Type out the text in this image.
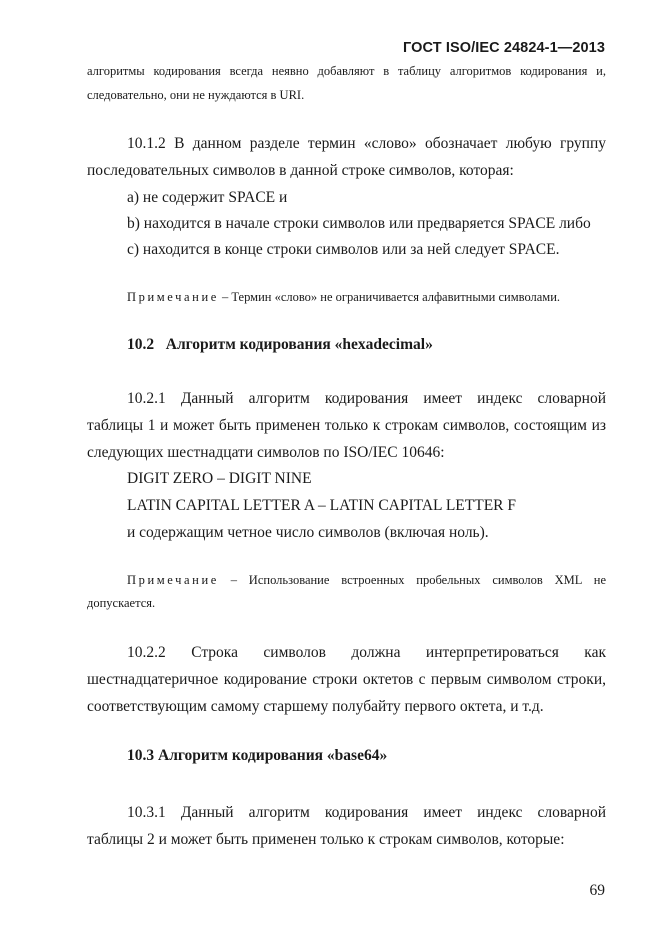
ГОСТ ISO/IEC 24824-1—2013

алгоритмы кодирования всегда неявно добавляют в таблицу алгоритмов кодирования и,

следовательно, они не нуждаются в URI.

10.1.2 В данном разделе термин «слово» обозначает любую группу

последовательных символов в данной строке символов, которая:

a) не содержит SPACE и

b) находится в начале строки символов или предваряется SPACE либо

c) находится в конце строки символов или за ней следует SPACE.

Примечание – Термин «слово» не ограничивается алфавитными символами.

10.2   Алгоритм кодирования «hexadecimal»

10.2.1 Данный алгоритм кодирования имеет индекс словарной

таблицы 1 и может быть применен только к строкам символов, состоящим из

следующих шестнадцати символов по ISO/IEC 10646:

DIGIT ZERO – DIGIT NINE

LATIN CAPITAL LETTER A – LATIN CAPITAL LETTER F

и содержащим четное число символов (включая ноль).

Примечание – Использование встроенных пробельных символов XML не

допускается.

10.2.2 Строка символов должна интерпретироваться как

шестнадцатеричное кодирование строки октетов с первым символом строки,

соответствующим самому старшему полубайту первого октета, и т.д.

10.3 Алгоритм кодирования «base64»

10.3.1 Данный алгоритм кодирования имеет индекс словарной

таблицы 2 и может быть применен только к строкам символов, которые:

69
